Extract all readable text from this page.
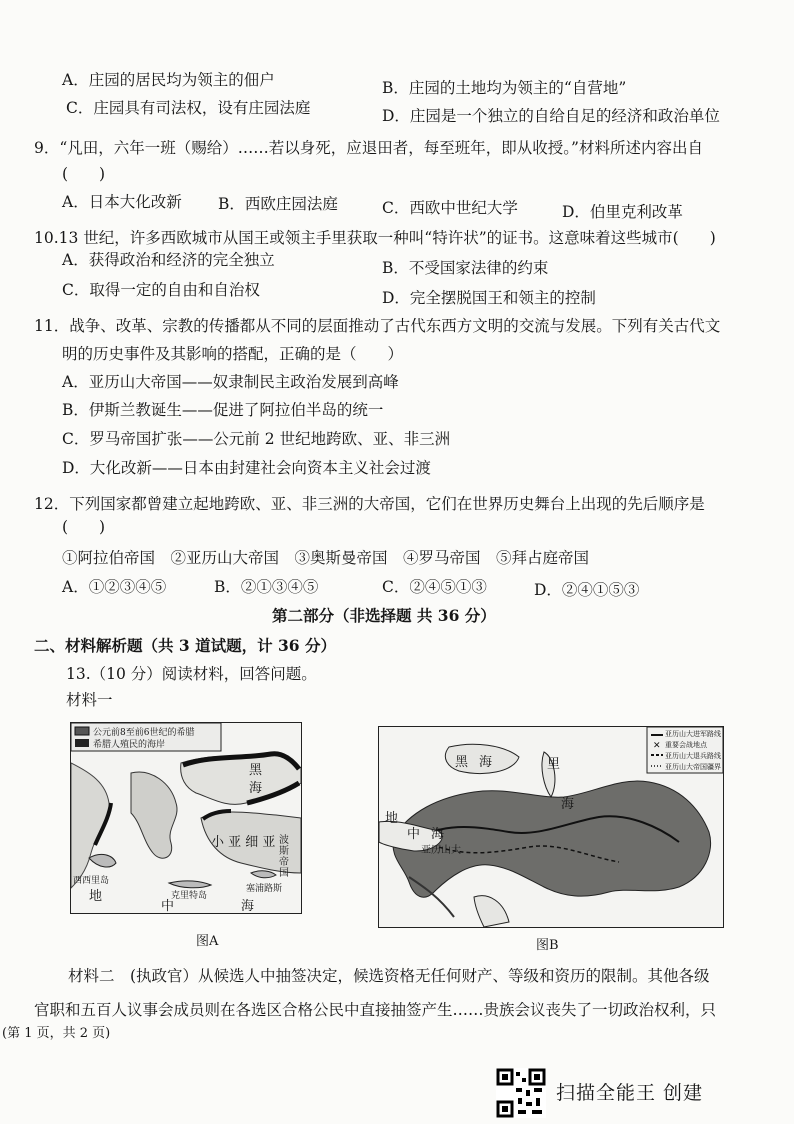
A．庄园的居民均为领主的佃户	B．庄园的土地均为领主的“自营地”
C．庄园具有司法权，设有庄园法庭	D．庄园是一个独立的自给自足的经济和政治单位
9．“凡田，六年一班（赐给）……若以身死，应退田者，每至班年，即从收授。”材料所述内容出自
(　　)
A．日本大化改新 B．西欧庄园法庭	C．西欧中世纪大学	D．伯里克利改革
10.13 世纪，许多西欧城市从国王或领主手里获取一种叫“特许状”的证书。这意味着这些城市(　　)
A．获得政治和经济的完全独立	B．不受国家法律的约束
C．取得一定的自由和自治权	D．完全摆脱国王和领主的控制
11．战争、改革、宗教的传播都从不同的层面推动了古代东西方文明的交流与发展。下列有关古代文
明的历史事件及其影响的搭配，正确的是（　　）
A．亚历山大帝国——奴隶制民主政治发展到高峰
B．伊斯兰教诞生——促进了阿拉伯半岛的统一
C．罗马帝国扩张——公元前 2 世纪地跨欧、亚、非三洲
D．大化改新——日本由封建社会向资本主义社会过渡
12．下列国家都曾建立起地跨欧、亚、非三洲的大帝国，它们在世界历史舞台上出现的先后顺序是
(　　)
①阿拉伯帝国　②亚历山大帝国　③奥斯曼帝国　④罗马帝国　⑤拜占庭帝国
A．①②③④⑤	B．②①③④⑤	C．②④⑤①③	D．②④①⑤③
第二部分（非选择题 共 36 分）
二、材料解析题（共 3 道试题，计 36 分）
13.（10 分）阅读材料，回答问题。
材料一
公元前8至前6世纪的希腊
希腊人殖民的海岸
黑
海
小 亚 细 亚 波斯帝国
地
中	海
西西里岛
克里特岛
塞浦路斯
图A
✕
亚历山大进军路线
重要会战地点
亚历山大退兵路线
亚历山大帝国疆界
黑 海	里
海
地
中 海
亚历山大
图B
材料二　(执政官）从候选人中抽签决定，候选资格无任何财产、等级和资历的限制。其他各级
官职和五百人议事会成员则在各选区合格公民中直接抽签产生……贵族会议丧失了一切政治权利，只
(第 1 页，共 2 页)
扫描全能王 创建
